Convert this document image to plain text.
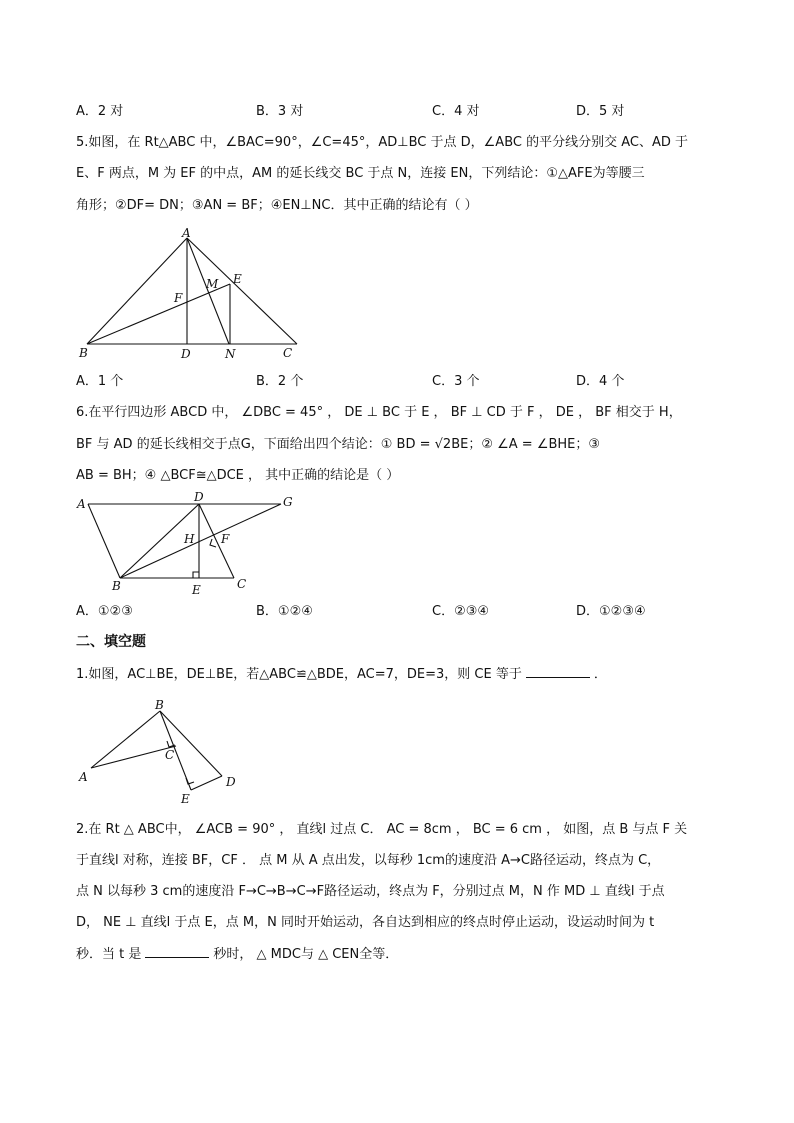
A．2 对	B．3 对	C．4 对	D．5 对
5.如图，在 Rt△ABC 中，∠BAC=90°，∠C=45°，AD⊥BC 于点 D，∠ABC 的平分线分别交 AC、AD 于
E、F 两点，M 为 EF 的中点，AM 的延长线交 BC 于点 N，连接 EN，下列结论：①△AFE为等腰三
角形；②DF= DN；③AN = BF；④EN⊥NC．其中正确的结论有（ ）
A
B	C
D
E
F
M
N
A．1 个	B．2 个	C．3 个	D．4 个
6.在平行四边形 ABCD 中， ∠DBC = 45° ， DE ⊥ BC 于 E ， BF ⊥ CD 于 F ， DE ， BF 相交于 H，
BF 与 AD 的延长线相交于点G，下面给出四个结论：① BD = √2BE；② ∠A = ∠BHE；③
AB = BH；④ △BCF≅△DCE ， 其中正确的结论是（ ）
A
B	C
D
E
F
G
H
A．①②③	B．①②④	C．②③④	D．①②③④
二、填空题
1.如图，AC⊥BE，DE⊥BE，若△ABC≌△BDE，AC=7，DE=3，则 CE 等于	．
B
A
C
D
E
2.在 Rt △ ABC中， ∠ACB = 90° ， 直线l 过点 C． AC = 8cm ， BC = 6 cm ， 如图，点 B 与点 F 关
于直线l 对称，连接 BF，CF ． 点 M 从 A 点出发，以每秒 1cm的速度沿 A→C路径运动，终点为 C，
点 N 以每秒 3 cm的速度沿 F→C→B→C→F路径运动，终点为 F，分别过点 M，N 作 MD ⊥ 直线l 于点
D， NE ⊥ 直线l 于点 E，点 M，N 同时开始运动，各自达到相应的终点时停止运动，设运动时间为 t
秒．当 t 是	秒时， △ MDC与 △ CEN全等．
